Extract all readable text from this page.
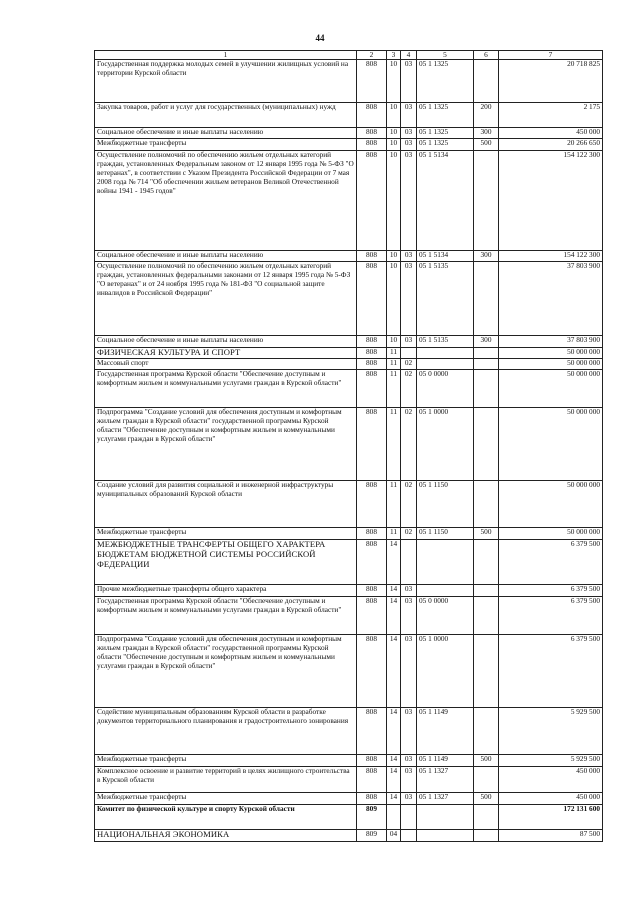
44
1	2	3	4	5	6	7
Государственная поддержка молодых семей в улучшении жилищных условий на территории Курской области	808	10	03	05 1 1325		20 718 825
Закупка товаров, работ и услуг для государственных (муниципальных) нужд	808	10	03	05 1 1325	200	2 175
Социальное обеспечение и иные выплаты населению	808	10	03	05 1 1325	300	450 000
Межбюджетные трансферты	808	10	03	05 1 1325	500	20 266 650
Осуществление полномочий по обеспечению жильем отдельных категорий граждан, установленных Федеральным законом от 12 января 1995 года № 5-ФЗ "О ветеранах", в соответствии с Указом Президента Российской Федерации от 7 мая 2008 года № 714 "Об обеспечении жильем ветеранов Великой Отечественной войны 1941 - 1945 годов"	808	10	03	05 1 5134		154 122 300
Социальное обеспечение и иные выплаты населению	808	10	03	05 1 5134	300	154 122 300
Осуществление полномочий по обеспечению жильем отдельных категорий граждан, установленных федеральными законами от 12 января 1995 года № 5-ФЗ "О ветеранах" и от 24 ноября 1995 года № 181-ФЗ "О социальной защите инвалидов в Российской Федерации"	808	10	03	05 1 5135		37 803 900
Социальное обеспечение и иные выплаты населению	808	10	03	05 1 5135	300	37 803 900
ФИЗИЧЕСКАЯ КУЛЬТУРА И СПОРТ	808	11				50 000 000
Массовый спорт	808	11	02			50 000 000
Государственная программа Курской области "Обеспечение доступным и комфортным жильем и коммунальными услугами граждан в Курской области"	808	11	02	05 0 0000		50 000 000
Подпрограмма "Создание условий для обеспечения доступным и комфортным жильем граждан в Курской области" государственной программы Курской области "Обеспечение доступным и комфортным жильем и коммунальными услугами граждан в Курской области"	808	11	02	05 1 0000		50 000 000
Создание условий для развития социальной и инженерной инфраструктуры муниципальных образований Курской области	808	11	02	05 1 1150		50 000 000
Межбюджетные трансферты	808	11	02	05 1 1150	500	50 000 000
МЕЖБЮДЖЕТНЫЕ ТРАНСФЕРТЫ ОБЩЕГО ХАРАКТЕРА БЮДЖЕТАМ БЮДЖЕТНОЙ СИСТЕМЫ РОССИЙСКОЙ ФЕДЕРАЦИИ	808	14				6 379 500
Прочие межбюджетные трансферты общего характера	808	14	03			6 379 500
Государственная программа Курской области "Обеспечение доступным и комфортным жильем и коммунальными услугами граждан в Курской области"	808	14	03	05 0 0000		6 379 500
Подпрограмма "Создание условий для обеспечения доступным и комфортным жильем граждан в Курской области" государственной программы Курской области "Обеспечение доступным и комфортным жильем и коммунальными услугами граждан в Курской области"	808	14	03	05 1 0000		6 379 500
Содействие муниципальным образованиям Курской области в разработке документов территориального планирования и градостроительного зонирования	808	14	03	05 1 1149		5 929 500
Межбюджетные трансферты	808	14	03	05 1 1149	500	5 929 500
Комплексное освоение и развитие территорий в целях жилищного строительства в Курской области	808	14	03	05 1 1327		450 000
Межбюджетные трансферты	808	14	03	05 1 1327	500	450 000
Комитет по физической культуре и спорту Курской области	809					172 131 600
НАЦИОНАЛЬНАЯ ЭКОНОМИКА	809	04				87 500
